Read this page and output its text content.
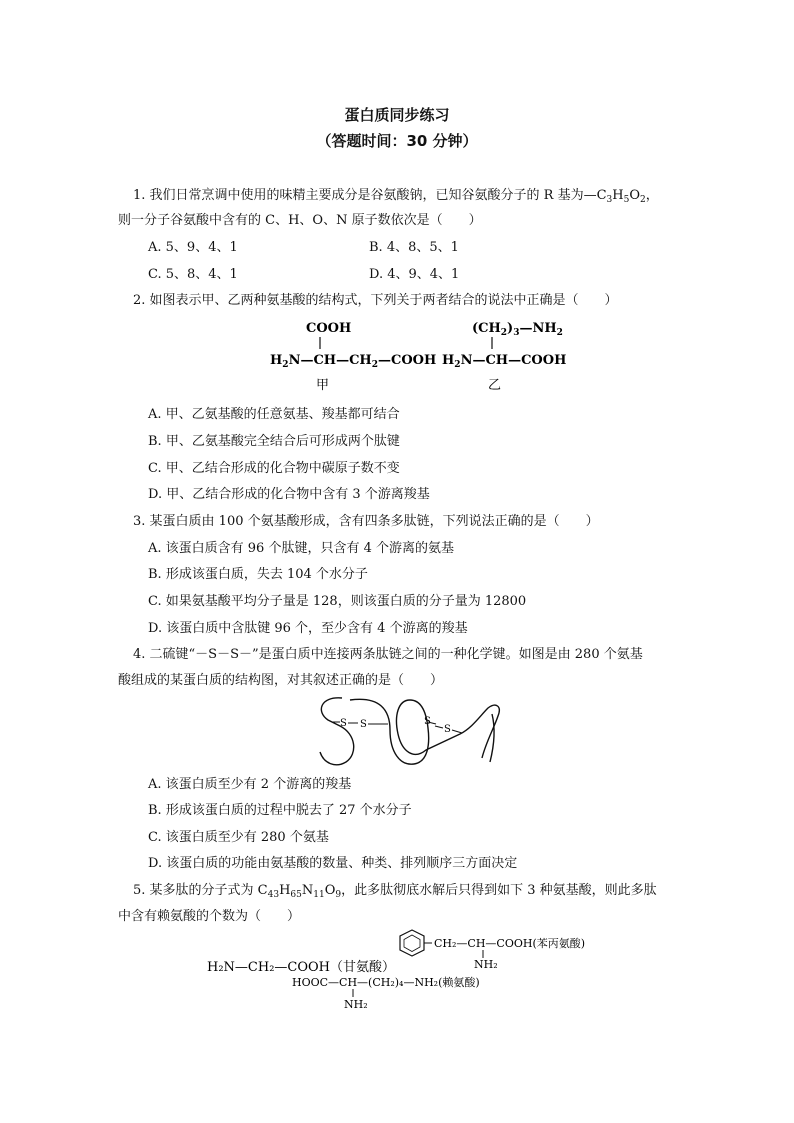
蛋白质同步练习
（答题时间：30 分钟）
1. 我们日常烹调中使用的味精主要成分是谷氨酸钠，已知谷氨酸分子的 R 基为$—C_3H_5O_2$，
则一分子谷氨酸中含有的 C、H、O、N 原子数依次是（　　）
A. 5、9、4、1	B. 4、8、5、1
C. 5、8、4、1	D. 4、9、4、1
2. 如图表示甲、乙两种氨基酸的结构式，下列关于两者结合的说法中正确是（　　）
COOH
$H_2N—CH—CH_2—COOH$
甲
$(CH_2)_3—NH_2$
$H_2N—CH—COOH$
乙
A. 甲、乙氨基酸的任意氨基、羧基都可结合
B. 甲、乙氨基酸完全结合后可形成两个肽键
C. 甲、乙结合形成的化合物中碳原子数不变
D. 甲、乙结合形成的化合物中含有 3 个游离羧基
3. 某蛋白质由 100 个氨基酸形成，含有四条多肽链，下列说法正确的是（　　）
A. 该蛋白质含有 96 个肽键，只含有 4 个游离的氨基
B. 形成该蛋白质，失去 104 个水分子
C. 如果氨基酸平均分子量是 128，则该蛋白质的分子量为 12800
D. 该蛋白质中含肽键 96 个，至少含有 4 个游离的羧基
4. 二硫键“－S－S－”是蛋白质中连接两条肽链之间的一种化学键。如图是由 280 个氨基
酸组成的某蛋白质的结构图，对其叙述正确的是（　　）
S S	S
S
A. 该蛋白质至少有 2 个游离的羧基
B. 形成该蛋白质的过程中脱去了 27 个水分子
C. 该蛋白质至少有 280 个氨基
D. 该蛋白质的功能由氨基酸的数量、种类、排列顺序三方面决定
5. 某多肽的分子式为 $C_{43}H_{65}N_{11}O_9$，此多肽彻底水解后只得到如下 3 种氨基酸，则此多肽
中含有赖氨酸的个数为（　　）
CH₂—CH—COOH(苯丙氨酸)
NH₂
H₂N—CH₂—COOH（甘氨酸）
HOOC—CH—(CH₂)₄—NH₂(赖氨酸)
NH₂
